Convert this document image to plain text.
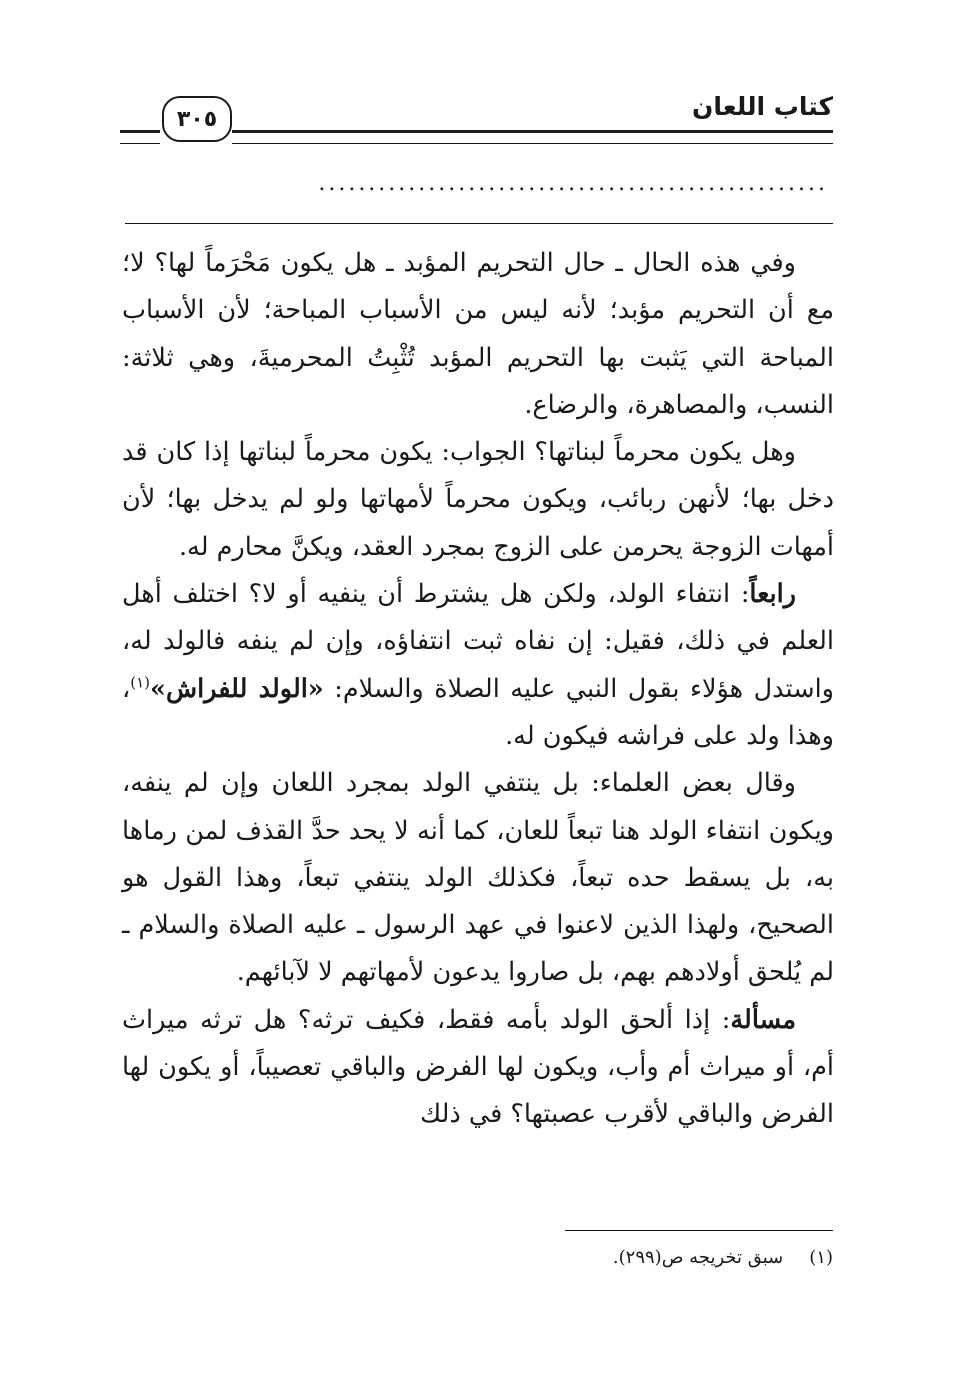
كتاب اللعان
٣٠٥
...................................................

وفي هذه الحال ـ حال التحريم المؤبد ـ هل يكون مَحْرَماً لها؟ لا؛ مع أن التحريم مؤبد؛ لأنه ليس من الأسباب المباحة؛ لأن الأسباب المباحة التي يَثبت بها التحريم المؤبد تُثْبِتُ المحرميةَ، وهي ثلاثة: النسب، والمصاهرة، والرضاع.

وهل يكون محرماً لبناتها؟ الجواب: يكون محرماً لبناتها إذا كان قد دخل بها؛ لأنهن ربائب، ويكون محرماً لأمهاتها ولو لم يدخل بها؛ لأن أمهات الزوجة يحرمن على الزوج بمجرد العقد، ويكنَّ محارم له.

رابعاً: انتفاء الولد، ولكن هل يشترط أن ينفيه أو لا؟ اختلف أهل العلم في ذلك، فقيل: إن نفاه ثبت انتفاؤه، وإن لم ينفه فالولد له، واستدل هؤلاء بقول النبي عليه الصلاة والسلام: «الولد للفراش»$^{(١)}$، وهذا ولد على فراشه فيكون له.

وقال بعض العلماء: بل ينتفي الولد بمجرد اللعان وإن لم ينفه، ويكون انتفاء الولد هنا تبعاً للعان، كما أنه لا يحد حدَّ القذف لمن رماها به، بل يسقط حده تبعاً، فكذلك الولد ينتفي تبعاً، وهذا القول هو الصحيح، ولهذا الذين لاعنوا في عهد الرسول ـ عليه الصلاة والسلام ـ لم يُلحق أولادهم بهم، بل صاروا يدعون لأمهاتهم لا لآبائهم.

مسألة: إذا ألحق الولد بأمه فقط، فكيف ترثه؟ هل ترثه ميراث أم، أو ميراث أم وأب، ويكون لها الفرض والباقي تعصيباً، أو يكون لها الفرض والباقي لأقرب عصبتها؟ في ذلك

(١)سبق تخريجه ص(٢٩٩).
